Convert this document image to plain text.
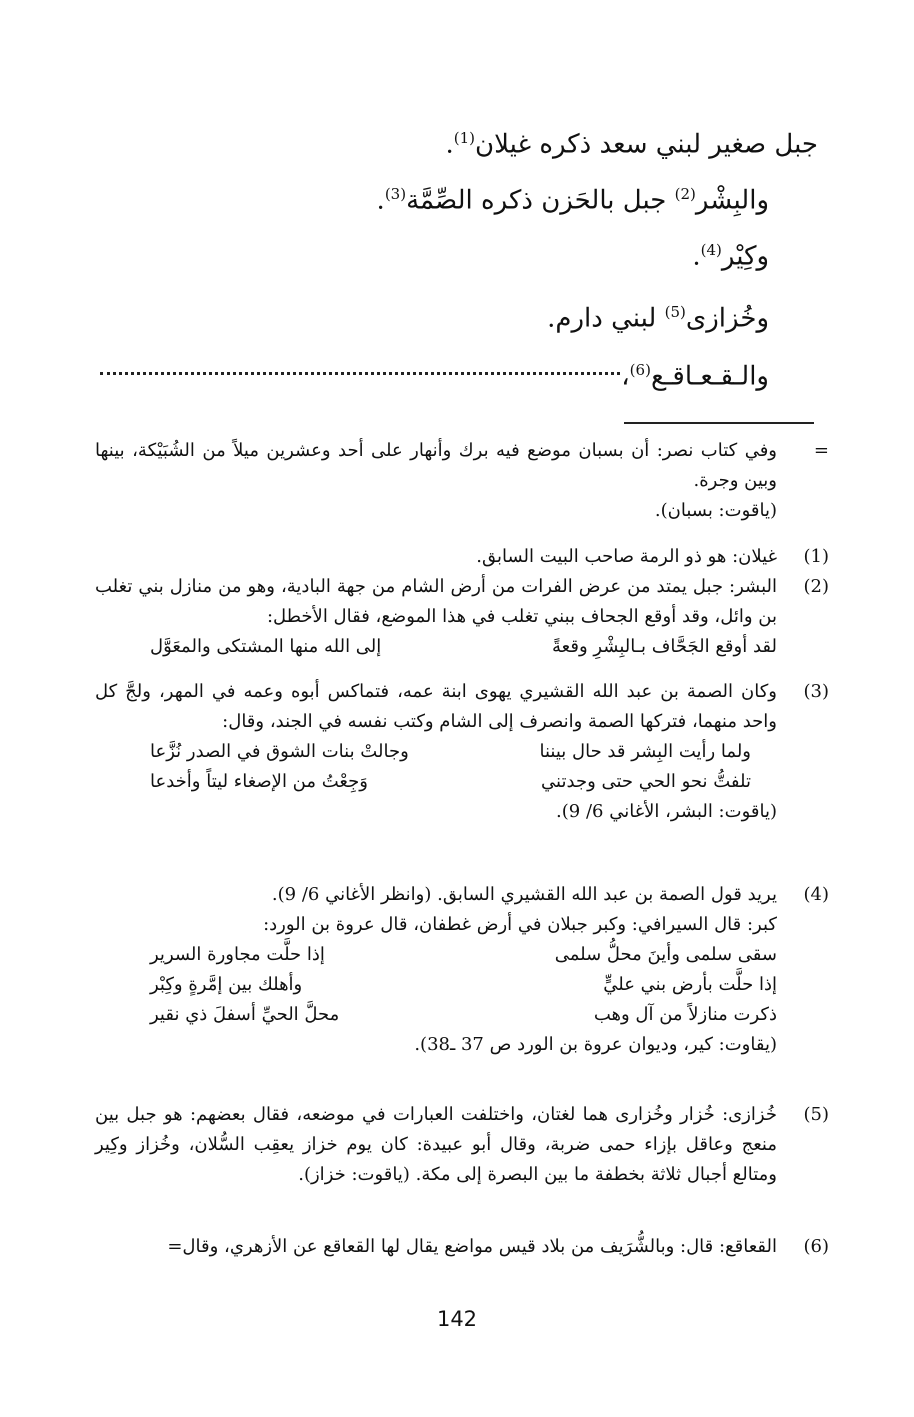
جبل صغير لبني سعد ذكره غيلان$^{(1)}$.
والبِشْر$^{(2)}$ جبل بالحَزن ذكره الصِّمَّة$^{(3)}$.
وكِيْر$^{(4)}$.
وخُزازى$^{(5)}$ لبني دارم.
والـقـعـاقـع$^{(6)}$،
=
وفي كتاب نصر: أن بسبان موضع فيه برك وأنهار على أحد وعشرين ميلاً من الشُبَيْكة، بينها وبين وجرة.
(ياقوت: بسبان).
(1)
غيلان: هو ذو الرمة صاحب البيت السابق.
(2)
البشر: جبل يمتد من عرض الفرات من أرض الشام من جهة البادية، وهو من منازل بني تغلب بن وائل، وقد أوقع الجحاف ببني تغلب في هذا الموضع، فقال الأخطل:
لقد أوقع الجَحَّاف بـالبِشْرِ وقعةً
إلى الله منها المشتكى والمعَوَّل
(3)
وكان الصمة بن عبد الله القشيري يهوى ابنة عمه، فتماكس أبوه وعمه في المهر، ولجَّ كل واحد منهما، فتركها الصمة وانصرف إلى الشام وكتب نفسه في الجند، وقال:
ولما رأيت البِشر قد حال بيننا
وجالتْ بنات الشوق في الصدر نُزَّعا
تلفتُّ نحو الحي حتى وجدتني
وَجِعْتُ من الإصغاء ليتاً وأخدعا
(ياقوت: البشر، الأغاني 6/ 9).
(4)
يريد قول الصمة بن عبد الله القشيري السابق. (وانظر الأغاني 6/ 9).
كبر: قال السيرافي: وكبر جبلان في أرض غطفان، قال عروة بن الورد:
سقى سلمى وأينَ محلُّ سلمى
إذا حلَّت مجاورة السرير
إذا حلَّت بأرض بني عليٍّ
وأهلك بين إمَّرةٍ وكِبْر
ذكرت منازلاً من آل وهب
محلَّ الحيِّ أسفلَ ذي نقير
(يقاوت: كير، وديوان عروة بن الورد ص 37 ـ38).
(5)
خُزازى: خُزار وخُزارى هما لغتان، واختلفت العبارات في موضعه، فقال بعضهم: هو جبل بين منعج وعاقل بإزاء حمى ضربة، وقال أبو عبيدة: كان يوم خزاز يعقِب السُّلان، وخُزاز وكِير ومتالع أجبال ثلاثة بخطفة ما بين البصرة إلى مكة. (ياقوت: خزاز).
(6)
القعاقع: قال: وبالشُّرَيف من بلاد قيس مواضع يقال لها القعاقع عن الأزهري، وقال=
142
